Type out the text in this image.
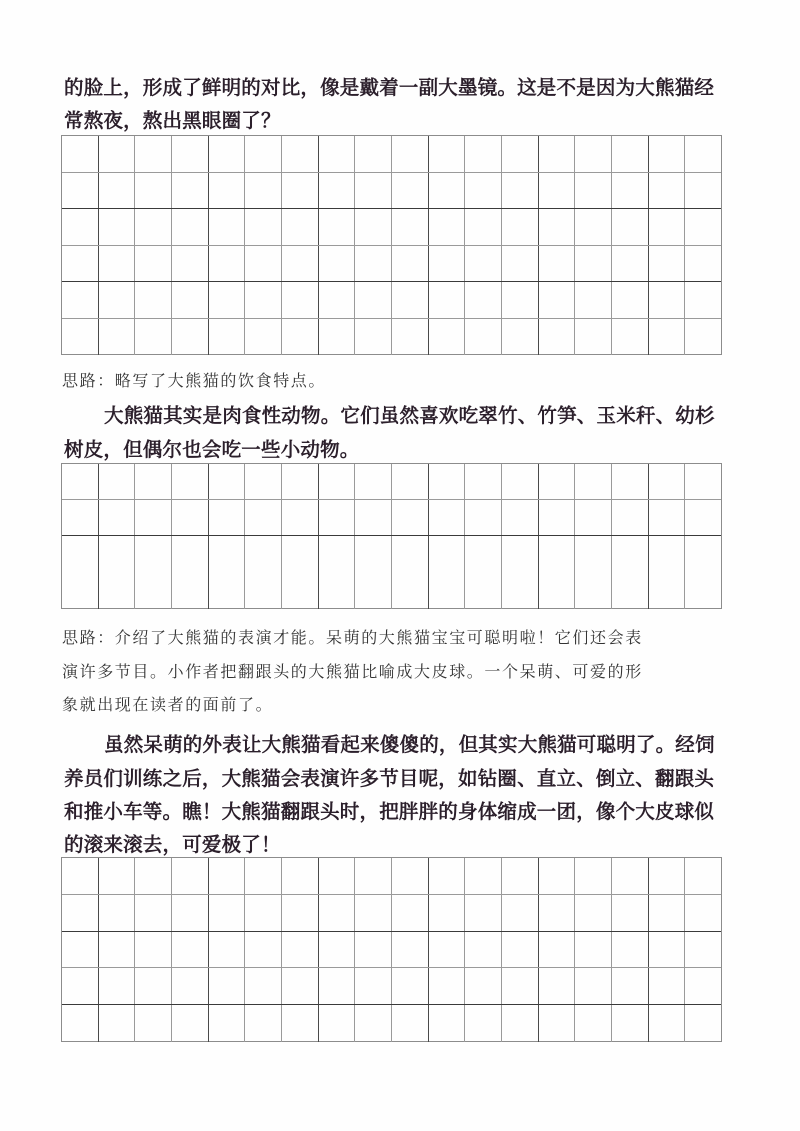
的脸上，形成了鲜明的对比，像是戴着一副大墨镜。这是不是因为大熊猫经
常熬夜，熬出黑眼圈了？
思路：略写了大熊猫的饮食特点。
大熊猫其实是肉食性动物。它们虽然喜欢吃翠竹、竹笋、玉米秆、幼杉
树皮，但偶尔也会吃一些小动物。
思路：介绍了大熊猫的表演才能。呆萌的大熊猫宝宝可聪明啦！它们还会表
演许多节目。小作者把翻跟头的大熊猫比喻成大皮球。一个呆萌、可爱的形
象就出现在读者的面前了。
虽然呆萌的外表让大熊猫看起来傻傻的，但其实大熊猫可聪明了。经饲
养员们训练之后，大熊猫会表演许多节目呢，如钻圈、直立、倒立、翻跟头
和推小车等。瞧！大熊猫翻跟头时，把胖胖的身体缩成一团，像个大皮球似
的滚来滚去，可爱极了！
